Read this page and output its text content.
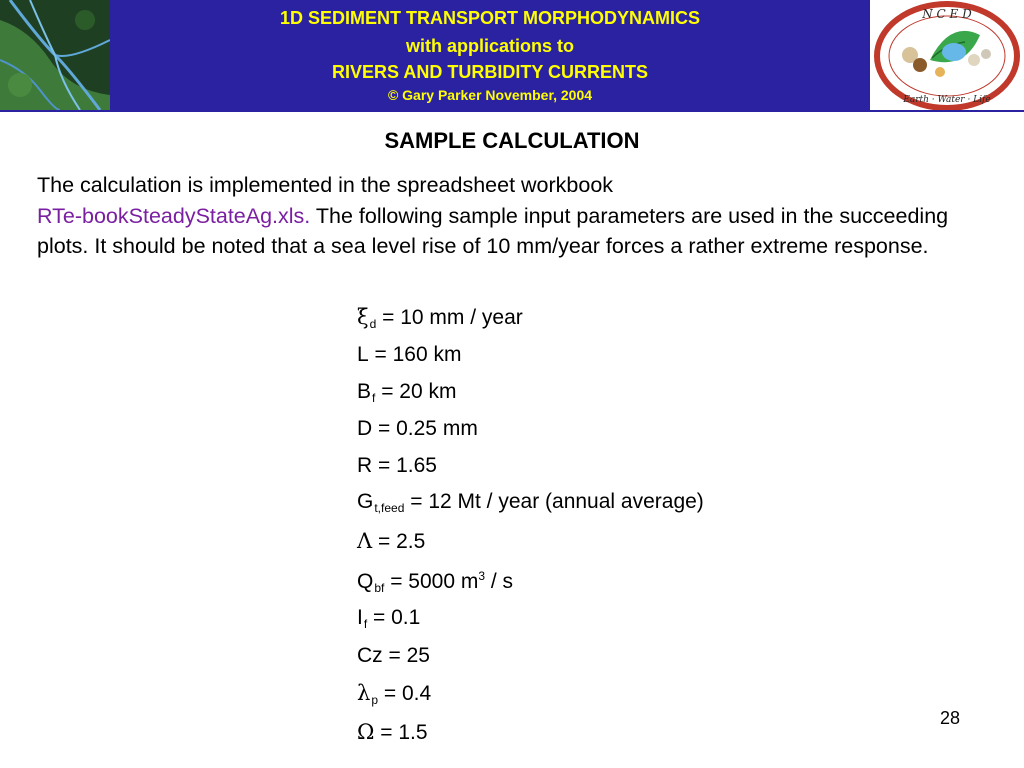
1D SEDIMENT TRANSPORT MORPHODYNAMICS
with applications to
RIVERS AND TURBIDITY CURRENTS
© Gary Parker November, 2004
N C E D
Earth · Water · Life
SAMPLE CALCULATION
The calculation is implemented in the spreadsheet workbook
RTe-bookSteadyStateAg.xls. The following sample input parameters are used in the succeeding plots. It should be noted that a sea level rise of 10 mm/year forces a rather extreme response.
$\xi̇_d = 10$ mm / year
L = 160 km
$B_f = 20$ km
D = 0.25 mm
R = 1.65
$G_{t,feed} = 12$ Mt / year (annual average)
Λ = 2.5
$Q_{bf} = 5000$ $m^3$ / s
$I_f = 0.1$
Cz = 25
$\lambda_p = 0.4$
Ω = 1.5
28
